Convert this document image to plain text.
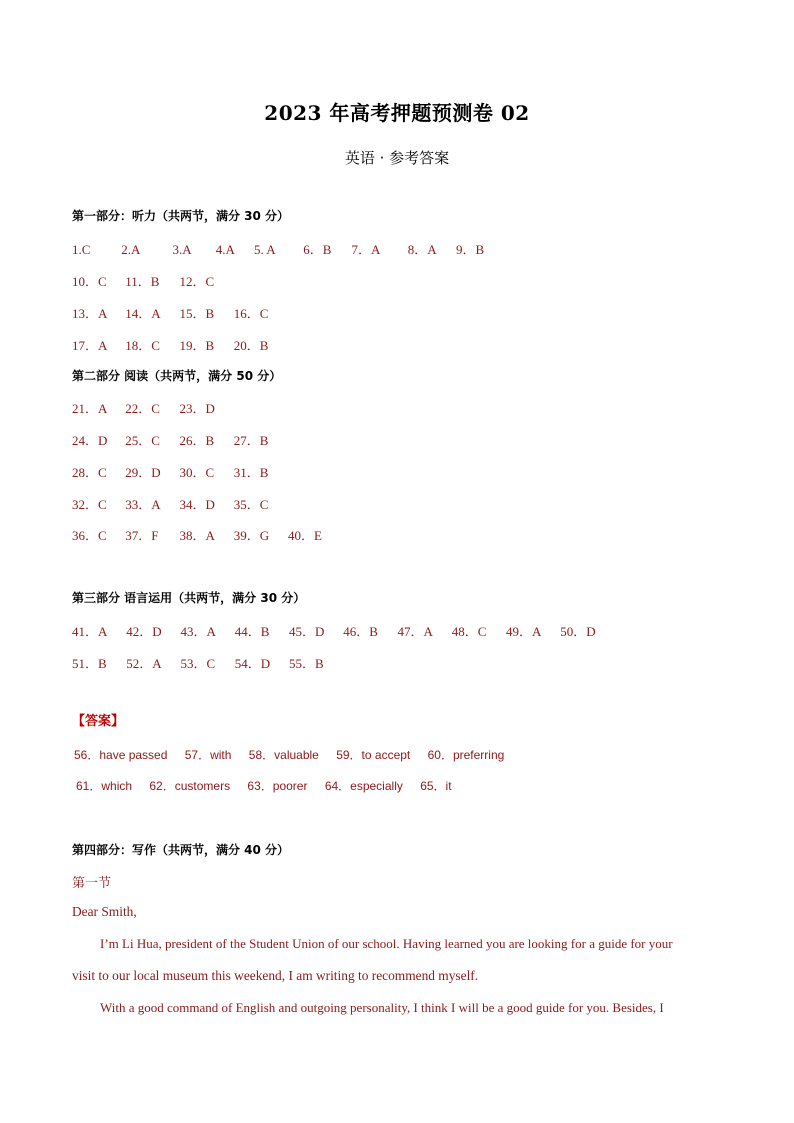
2023 年高考押题预测卷 02
英语 · 参考答案
第一部分：听力（共两节，满分 30 分）
1.C 2.A 3.A 4.A 5. A 6．B 7．A 8．A 9．B
10．C 11．B 12．C
13．A 14．A 15．B 16．C
17．A 18．C 19．B 20．B
第二部分 阅读（共两节，满分 50 分）
21．A 22．C 23．D
24．D 25．C 26．B 27．B
28．C 29．D 30．C 31．B
32．C 33．A 34．D 35．C
36．C 37．F 38．A 39．G 40．E
第三部分 语言运用（共两节，满分 30 分）
41．A 42．D 43．A 44．B 45．D 46．B 47．A 48．C 49．A 50．D
51．B 52．A 53．C 54．D 55．B
【答案】
56．have passed 57．with 58．valuable 59．to accept 60．preferring
61．which 62．customers 63．poorer 64．especially 65．it
第四部分：写作（共两节，满分 40 分）
第一节
Dear Smith,
I’m Li Hua, president of the Student Union of our school. Having learned you are looking for a guide for your
visit to our local museum this weekend, I am writing to recommend myself.
With a good command of English and outgoing personality, I think I will be a good guide for you. Besides, I
